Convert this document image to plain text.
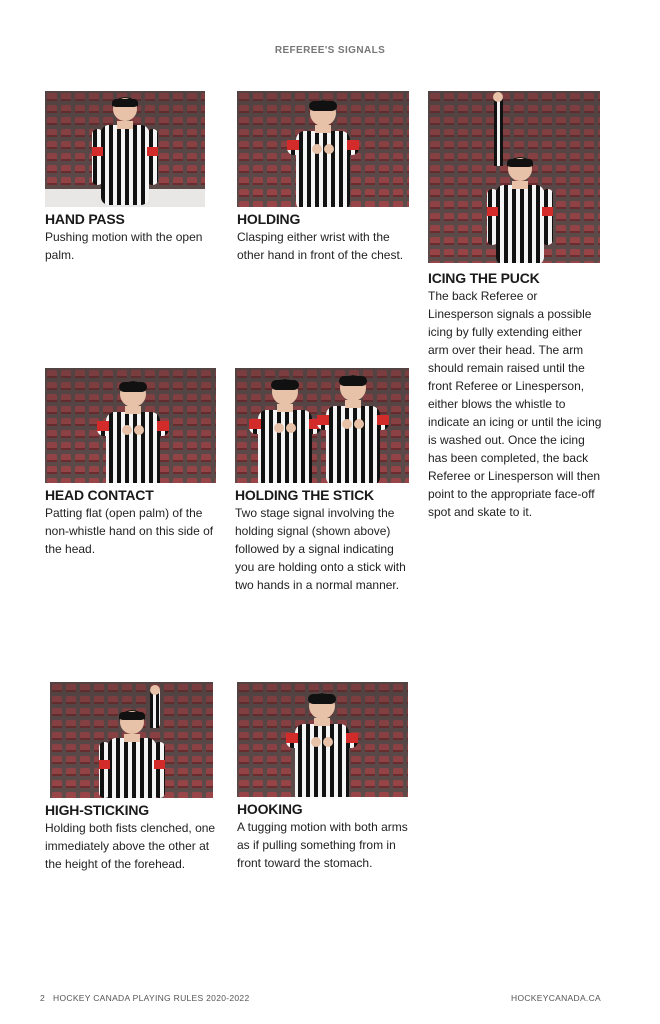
REFEREE'S SIGNALS
HAND PASS
Pushing motion with the open palm.
HOLDING
Clasping either wrist with the other hand in front of the chest.
ICING THE PUCK
The back Referee or Linesperson signals a possible icing by fully extending either arm over their head. The arm should remain raised until the front Referee or Linesperson, either blows the whistle to indicate an icing or until the icing is washed out. Once the icing has been completed, the back Referee or Linesperson will then point to the appropriate face-off spot and skate to it.
HEAD CONTACT
Patting flat (open palm) of the non-whistle hand on this side of the head.
HOLDING THE STICK
Two stage signal involving the holding signal (shown above) followed by a signal indicating you are holding onto a stick with two hands in a normal manner.
HIGH-STICKING
Holding both fists clenched, one immediately above the other at the height of the forehead.
HOOKING
A tugging motion with both arms as if pulling something from in front toward the stomach.
2 HOCKEY CANADA PLAYING RULES 2020-2022	HOCKEYCANADA.CA
